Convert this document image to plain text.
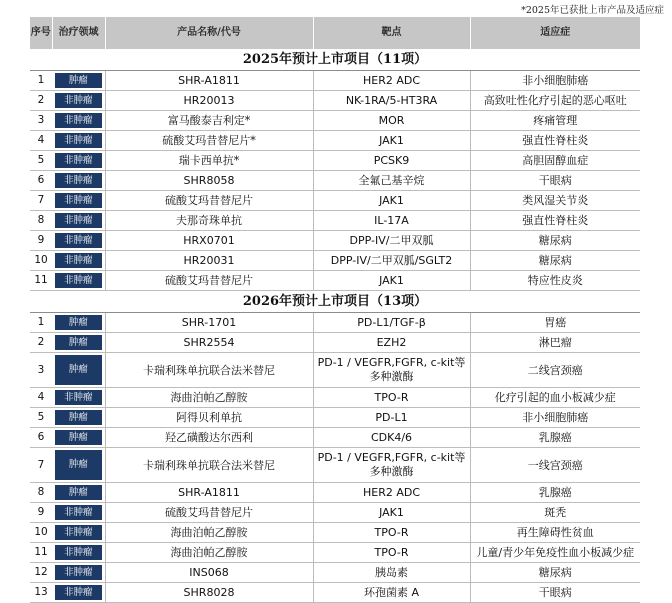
*2025年已获批上市产品及适应症
序号	治疗领域	产品名称/代号	靶点	适应症
2025年预计上市项目（11项）				
1	肿瘤	SHR-A1811	HER2 ADC	非小细胞肺癌
2	非肿瘤	HR20013	NK-1RA/5-HT3RA	高致吐性化疗引起的恶心呕吐
3	非肿瘤	富马酸泰吉利定*	MOR	疼痛管理
4	非肿瘤	硫酸艾玛昔替尼片*	JAK1	强直性脊柱炎
5	非肿瘤	瑞卡西单抗*	PCSK9	高胆固醇血症
6	非肿瘤	SHR8058	全氟己基辛烷	干眼病
7	非肿瘤	硫酸艾玛昔替尼片	JAK1	类风湿关节炎
8	非肿瘤	夫那奇珠单抗	IL-17A	强直性脊柱炎
9	非肿瘤	HRX0701	DPP-IV/二甲双胍	糖尿病
10	非肿瘤	HR20031	DPP-IV/二甲双胍/SGLT2	糖尿病
11	非肿瘤	硫酸艾玛昔替尼片	JAK1	特应性皮炎
2026年预计上市项目（13项）				
1	肿瘤	SHR-1701	PD-L1/TGF-β	胃癌
2	肿瘤	SHR2554	EZH2	淋巴瘤
3	肿瘤	卡瑞利珠单抗联合法米替尼	PD-1 / VEGFR,FGFR, c-kit等多种激酶	二线宫颈癌
4	非肿瘤	海曲泊帕乙醇胺	TPO-R	化疗引起的血小板减少症
5	肿瘤	阿得贝利单抗	PD-L1	非小细胞肺癌
6	肿瘤	羟乙磺酸达尔西利	CDK4/6	乳腺癌
7	肿瘤	卡瑞利珠单抗联合法米替尼	PD-1 / VEGFR,FGFR, c-kit等多种激酶	一线宫颈癌
8	肿瘤	SHR-A1811	HER2 ADC	乳腺癌
9	非肿瘤	硫酸艾玛昔替尼片	JAK1	斑秃
10	非肿瘤	海曲泊帕乙醇胺	TPO-R	再生障碍性贫血
11	非肿瘤	海曲泊帕乙醇胺	TPO-R	儿童/青少年免疫性血小板减少症
12	非肿瘤	INS068	胰岛素	糖尿病
13	非肿瘤	SHR8028	环孢菌素 A	干眼病
